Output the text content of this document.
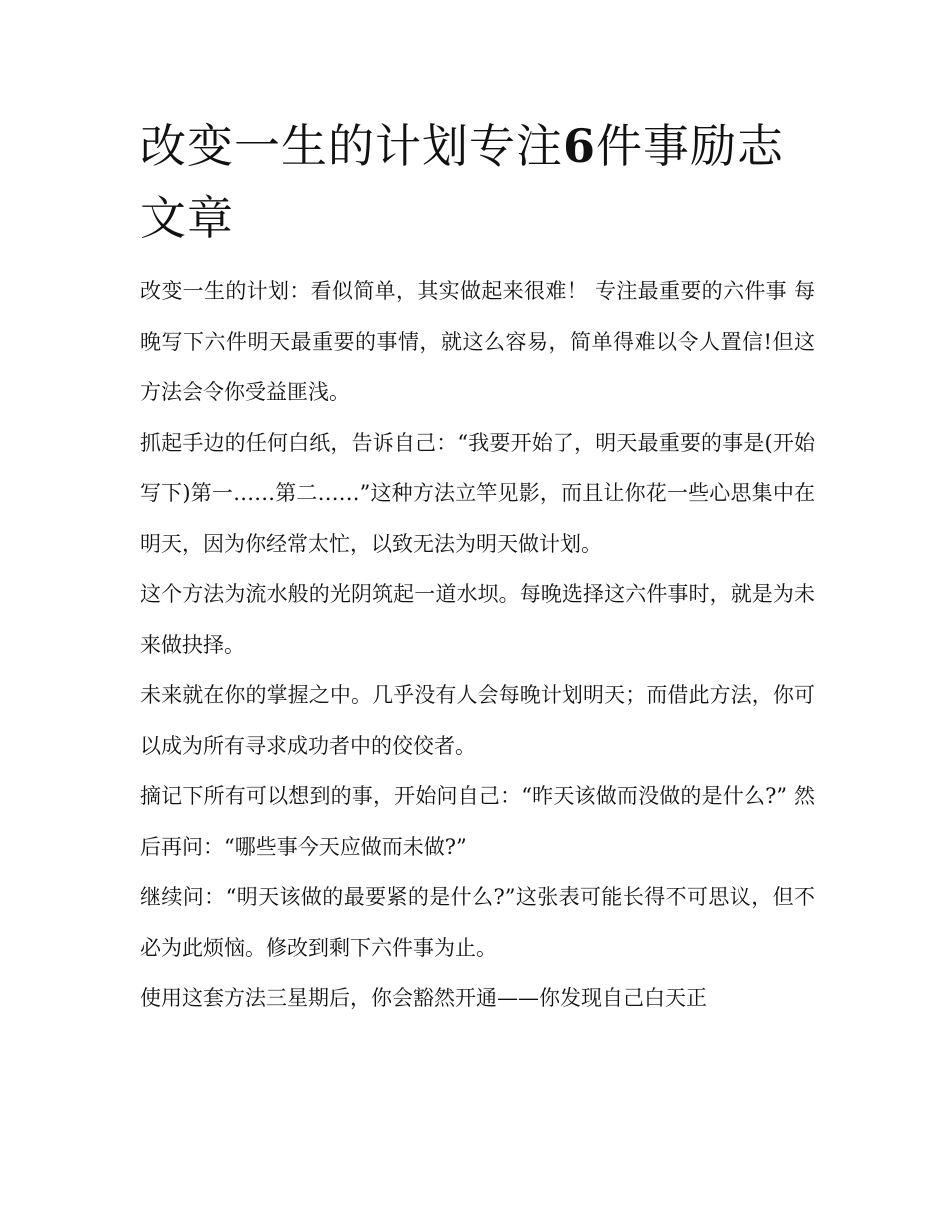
改变一生的计划专注6件事励志文章

改变一生的计划：看似简单，其实做起来很难！ 专注最重要的六件事 每晚写下六件明天最重要的事情，就这么容易，简单得难以令人置信!但这方法会令你受益匪浅。

抓起手边的任何白纸，告诉自己：“我要开始了，明天最重要的事是(开始写下)第一……第二……”这种方法立竿见影，而且让你花一些心思集中在明天，因为你经常太忙，以致无法为明天做计划。

这个方法为流水般的光阴筑起一道水坝。每晚选择这六件事时，就是为未来做抉择。

未来就在你的掌握之中。几乎没有人会每晚计划明天；而借此方法，你可以成为所有寻求成功者中的佼佼者。

摘记下所有可以想到的事，开始问自己：“昨天该做而没做的是什么?” 然后再问：“哪些事今天应做而未做?”

继续问：“明天该做的最要紧的是什么?”这张表可能长得不可思议，但不必为此烦恼。修改到剩下六件事为止。

使用这套方法三星期后，你会豁然开通——你发现自己白天正
